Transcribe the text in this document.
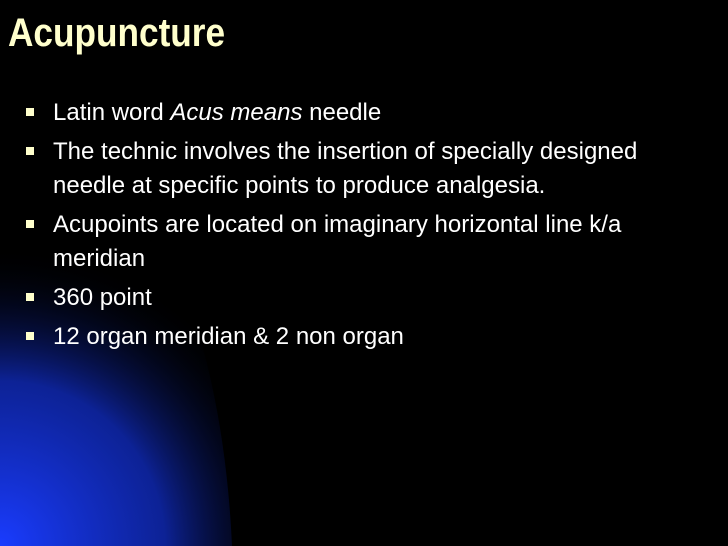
Acupuncture
Latin word Acus means needle
The technic involves the insertion of specially designed needle at specific points to produce analgesia.
Acupoints are located on imaginary horizontal line k/a meridian
360 point
12 organ meridian & 2 non organ
